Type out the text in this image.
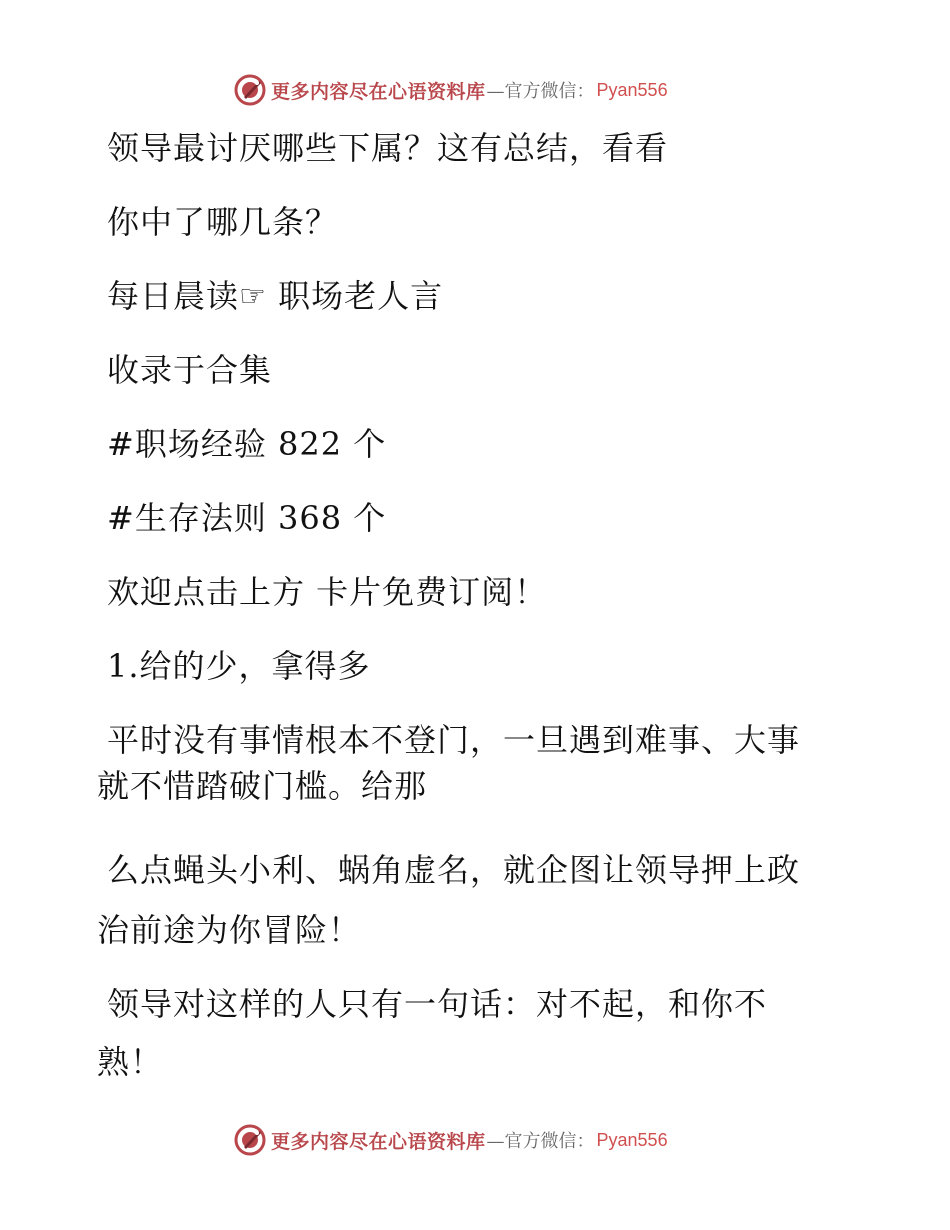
更多内容尽在心语资料库 —官方微信： Pyan556
领导最讨厌哪些下属？这有总结，看看
你中了哪几条？
每日晨读☞ 职场老人言
收录于合集
#职场经验 822 个
#生存法则 368 个
欢迎点击上方 卡片免费订阅！
1.给的少，拿得多
平时没有事情根本不登门，一旦遇到难事、大事
就不惜踏破门槛。给那
么点蝇头小利、蜗角虚名，就企图让领导押上政
治前途为你冒险！
领导对这样的人只有一句话：对不起，和你不
熟！
更多内容尽在心语资料库 —官方微信： Pyan556
